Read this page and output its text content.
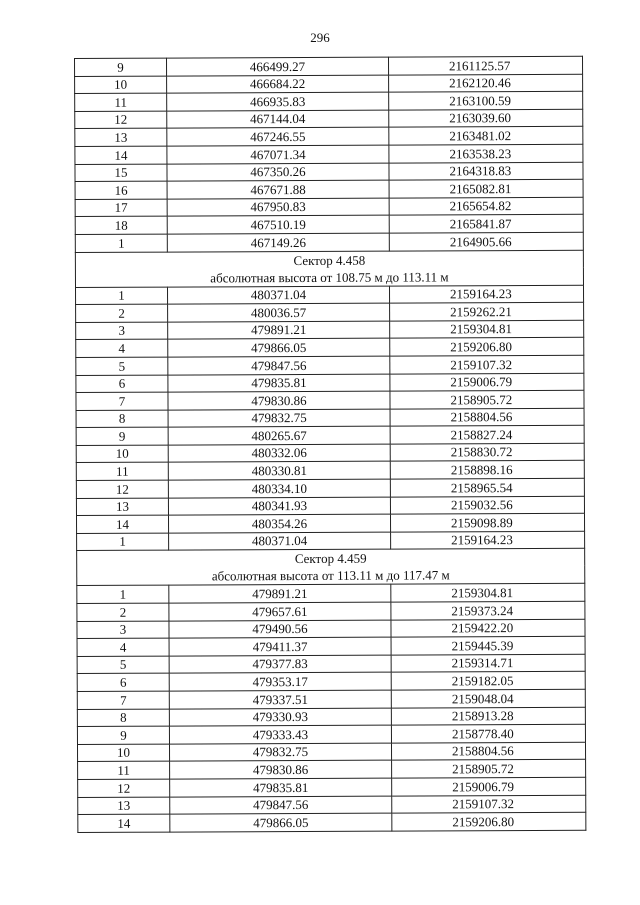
296
9	466499.27	2161125.57
10	466684.22	2162120.46
11	466935.83	2163100.59
12	467144.04	2163039.60
13	467246.55	2163481.02
14	467071.34	2163538.23
15	467350.26	2164318.83
16	467671.88	2165082.81
17	467950.83	2165654.82
18	467510.19	2165841.87
1	467149.26	2164905.66
Сектор 4.458		
абсолютная высота от 108.75 м до 113.11 м		
1	480371.04	2159164.23
2	480036.57	2159262.21
3	479891.21	2159304.81
4	479866.05	2159206.80
5	479847.56	2159107.32
6	479835.81	2159006.79
7	479830.86	2158905.72
8	479832.75	2158804.56
9	480265.67	2158827.24
10	480332.06	2158830.72
11	480330.81	2158898.16
12	480334.10	2158965.54
13	480341.93	2159032.56
14	480354.26	2159098.89
1	480371.04	2159164.23
Сектор 4.459		
абсолютная высота от 113.11 м до 117.47 м		
1	479891.21	2159304.81
2	479657.61	2159373.24
3	479490.56	2159422.20
4	479411.37	2159445.39
5	479377.83	2159314.71
6	479353.17	2159182.05
7	479337.51	2159048.04
8	479330.93	2158913.28
9	479333.43	2158778.40
10	479832.75	2158804.56
11	479830.86	2158905.72
12	479835.81	2159006.79
13	479847.56	2159107.32
14	479866.05	2159206.80
